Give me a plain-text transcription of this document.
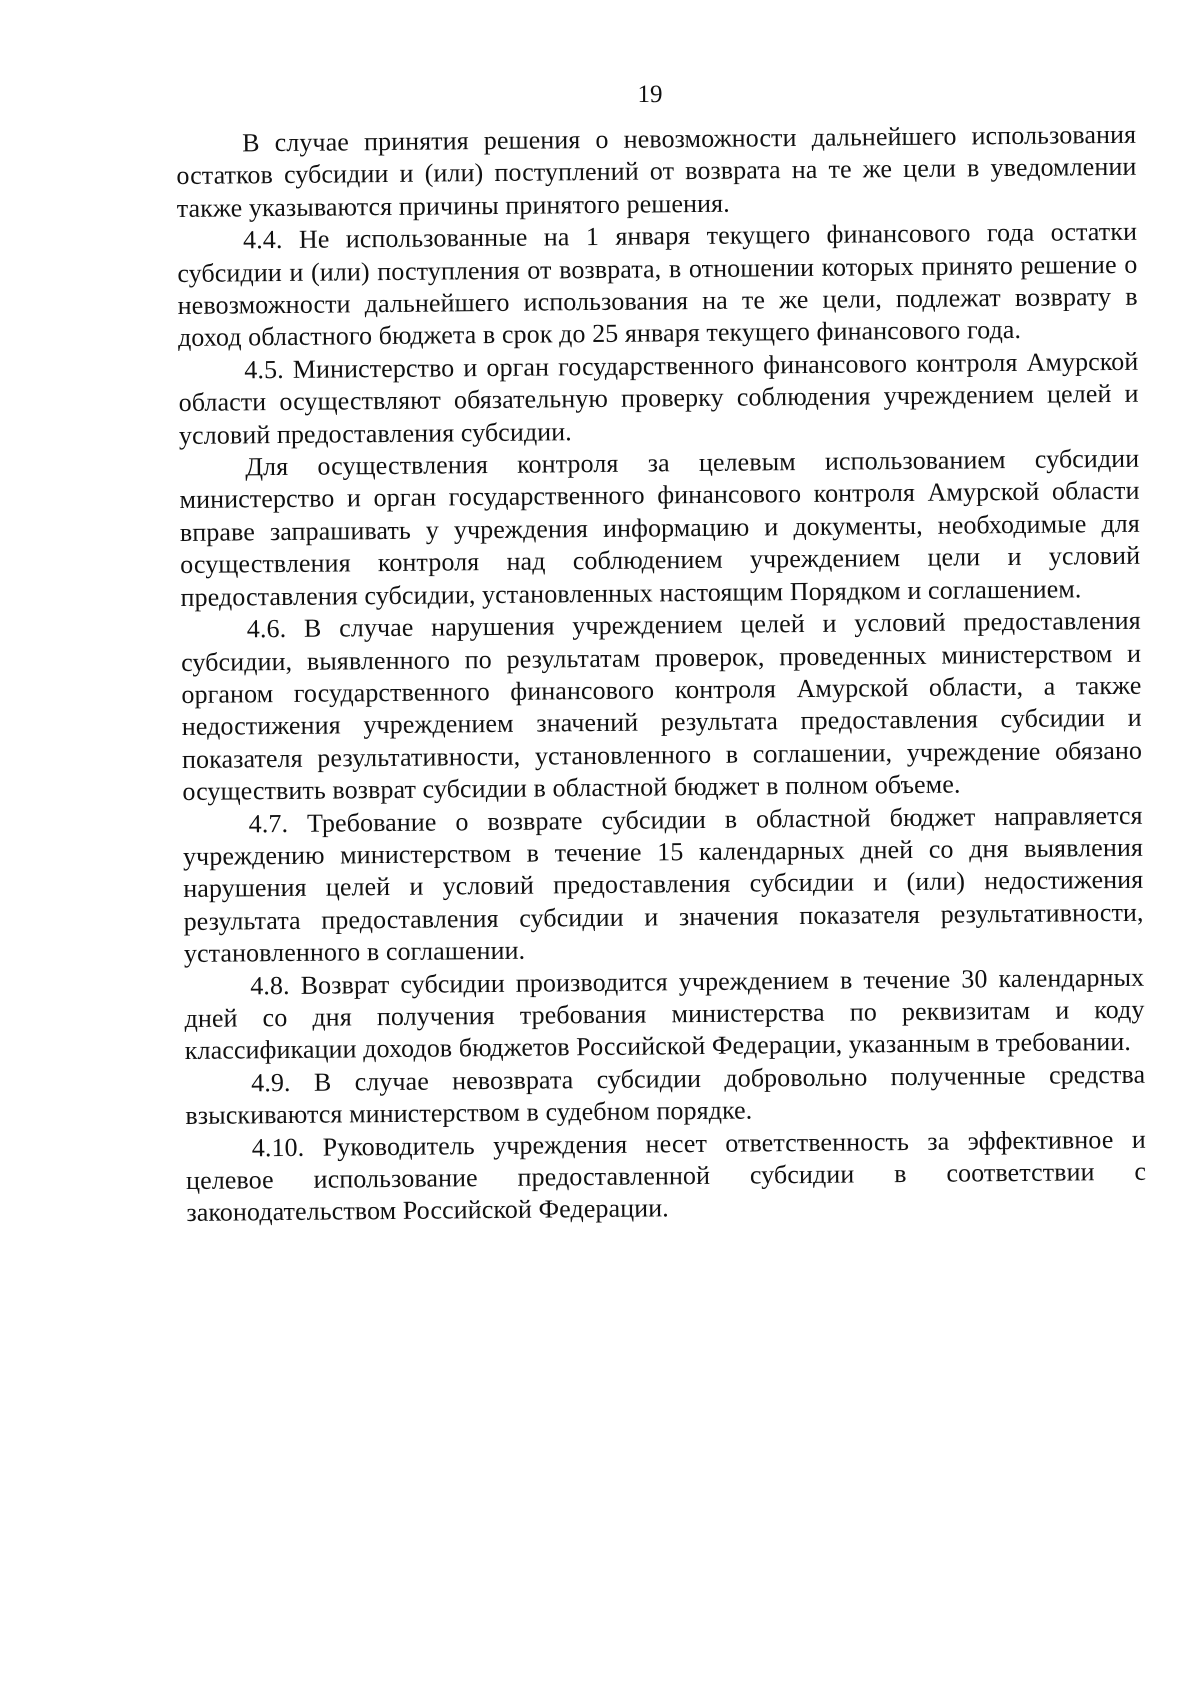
19

В случае принятия решения о невозможности дальнейшего использования остатков субсидии и (или) поступлений от возврата на те же цели в уведомлении также указываются причины принятого решения.

4.4. Не использованные на 1 января текущего финансового года остатки субсидии и (или) поступления от возврата, в отношении которых принято решение о невозможности дальнейшего использования на те же цели, подлежат возврату в доход областного бюджета в срок до 25 января текущего финансового года.

4.5. Министерство и орган государственного финансового контроля Амурской области осуществляют обязательную проверку соблюдения учреждением целей и условий предоставления субсидии.

Для осуществления контроля за целевым использованием субсидии министерство и орган государственного финансового контроля Амурской области вправе запрашивать у учреждения информацию и документы, необходимые для осуществления контроля над соблюдением учреждением цели и условий предоставления субсидии, установленных настоящим Порядком и соглашением.

4.6. В случае нарушения учреждением целей и условий предоставления субсидии, выявленного по результатам проверок, проведенных министерством и органом государственного финансового контроля Амурской области, а также недостижения учреждением значений результата предоставления субсидии и показателя результативности, установленного в соглашении, учреждение обязано осуществить возврат субсидии в областной бюджет в полном объеме.

4.7. Требование о возврате субсидии в областной бюджет направляется учреждению министерством в течение 15 календарных дней со дня выявления нарушения целей и условий предоставления субсидии и (или) недостижения результата предоставления субсидии и значения показателя результативности, установленного в соглашении.

4.8. Возврат субсидии производится учреждением в течение 30 календарных дней со дня получения требования министерства по реквизитам и коду классификации доходов бюджетов Российской Федерации, указанным в требовании.

4.9. В случае невозврата субсидии добровольно полученные средства взыскиваются министерством в судебном порядке.

4.10. Руководитель учреждения несет ответственность за эффективное и целевое использование предоставленной субсидии в соответствии с законодательством Российской Федерации.
